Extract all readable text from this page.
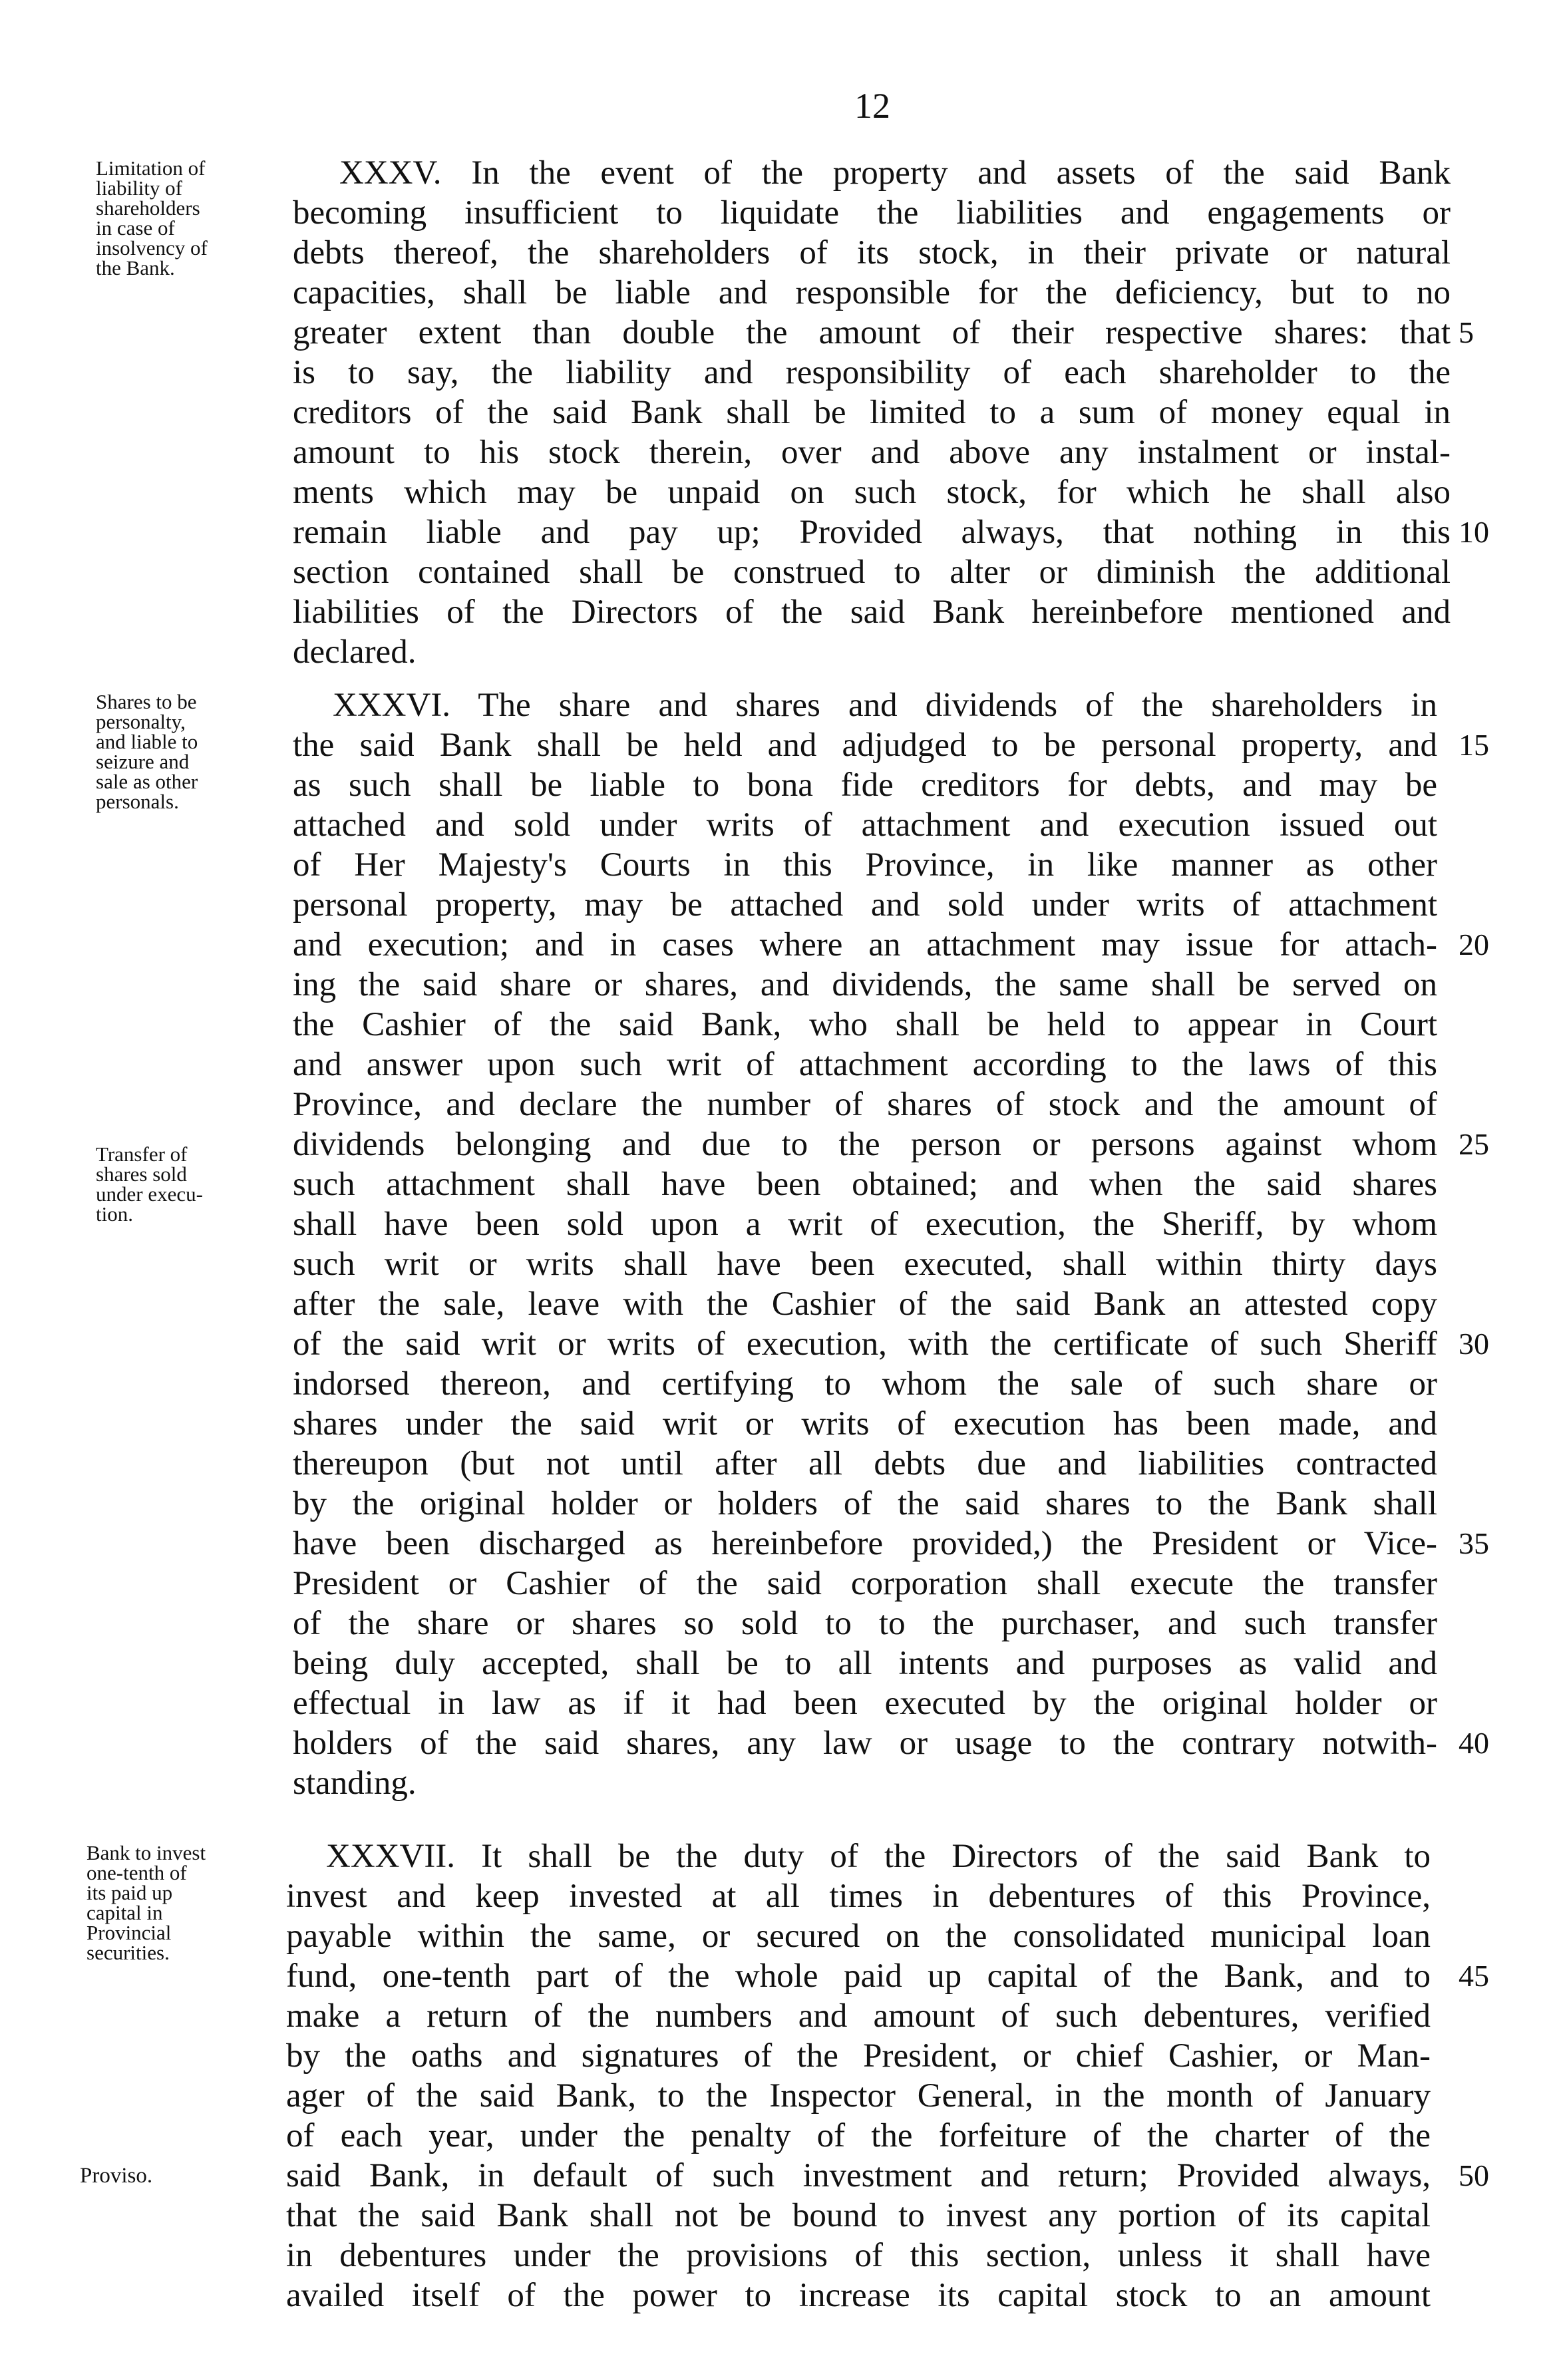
12
Limitation of
liability of
shareholders
in case of
insolvency of
the Bank.
XXXV. In the event of the property and assets of the said Bank
becoming insufficient to liquidate the liabilities and engagements or
debts thereof, the shareholders of its stock, in their private or natural
capacities, shall be liable and responsible for the deficiency, but to no
greater extent than double the amount of their respective shares: that
is to say, the liability and responsibility of each shareholder to the
creditors of the said Bank shall be limited to a sum of money equal in
amount to his stock therein, over and above any instalment or instal-
ments which may be unpaid on such stock, for which he shall also
remain liable and pay up; Provided always, that nothing in this
section contained shall be construed to alter or diminish the additional
liabilities of the Directors of the said Bank hereinbefore mentioned and
declared.
5
10
Shares to be
personalty,
and liable to
seizure and
sale as other
personals.
Transfer of
shares sold
under execu-
tion.
XXXVI. The share and shares and dividends of the shareholders in
the said Bank shall be held and adjudged to be personal property, and
as such shall be liable to bona fide creditors for debts, and may be
attached and sold under writs of attachment and execution issued out
of Her Majesty's Courts in this Province, in like manner as other
personal property, may be attached and sold under writs of attachment
and execution; and in cases where an attachment may issue for attach-
ing the said share or shares, and dividends, the same shall be served on
the Cashier of the said Bank, who shall be held to appear in Court
and answer upon such writ of attachment according to the laws of this
Province, and declare the number of shares of stock and the amount of
dividends belonging and due to the person or persons against whom
such attachment shall have been obtained; and when the said shares
shall have been sold upon a writ of execution, the Sheriff, by whom
such writ or writs shall have been executed, shall within thirty days
after the sale, leave with the Cashier of the said Bank an attested copy
of the said writ or writs of execution, with the certificate of such Sheriff
indorsed thereon, and certifying to whom the sale of such share or
shares under the said writ or writs of execution has been made, and
thereupon (but not until after all debts due and liabilities contracted
by the original holder or holders of the said shares to the Bank shall
have been discharged as hereinbefore provided,) the President or Vice-
President or Cashier of the said corporation shall execute the transfer
of the share or shares so sold to to the purchaser, and such transfer
being duly accepted, shall be to all intents and purposes as valid and
effectual in law as if it had been executed by the original holder or
holders of the said shares, any law or usage to the contrary notwith-
standing.
15
20
25
30
35
40
Bank to invest
one-tenth of
its paid up
capital in
Provincial
securities.
Proviso.
XXXVII. It shall be the duty of the Directors of the said Bank to
invest and keep invested at all times in debentures of this Province,
payable within the same, or secured on the consolidated municipal loan
fund, one-tenth part of the whole paid up capital of the Bank, and to
make a return of the numbers and amount of such debentures, verified
by the oaths and signatures of the President, or chief Cashier, or Man-
ager of the said Bank, to the Inspector General, in the month of January
of each year, under the penalty of the forfeiture of the charter of the
said Bank, in default of such investment and return; Provided always,
that the said Bank shall not be bound to invest any portion of its capital
in debentures under the provisions of this section, unless it shall have
availed itself of the power to increase its capital stock to an amount
45
50
